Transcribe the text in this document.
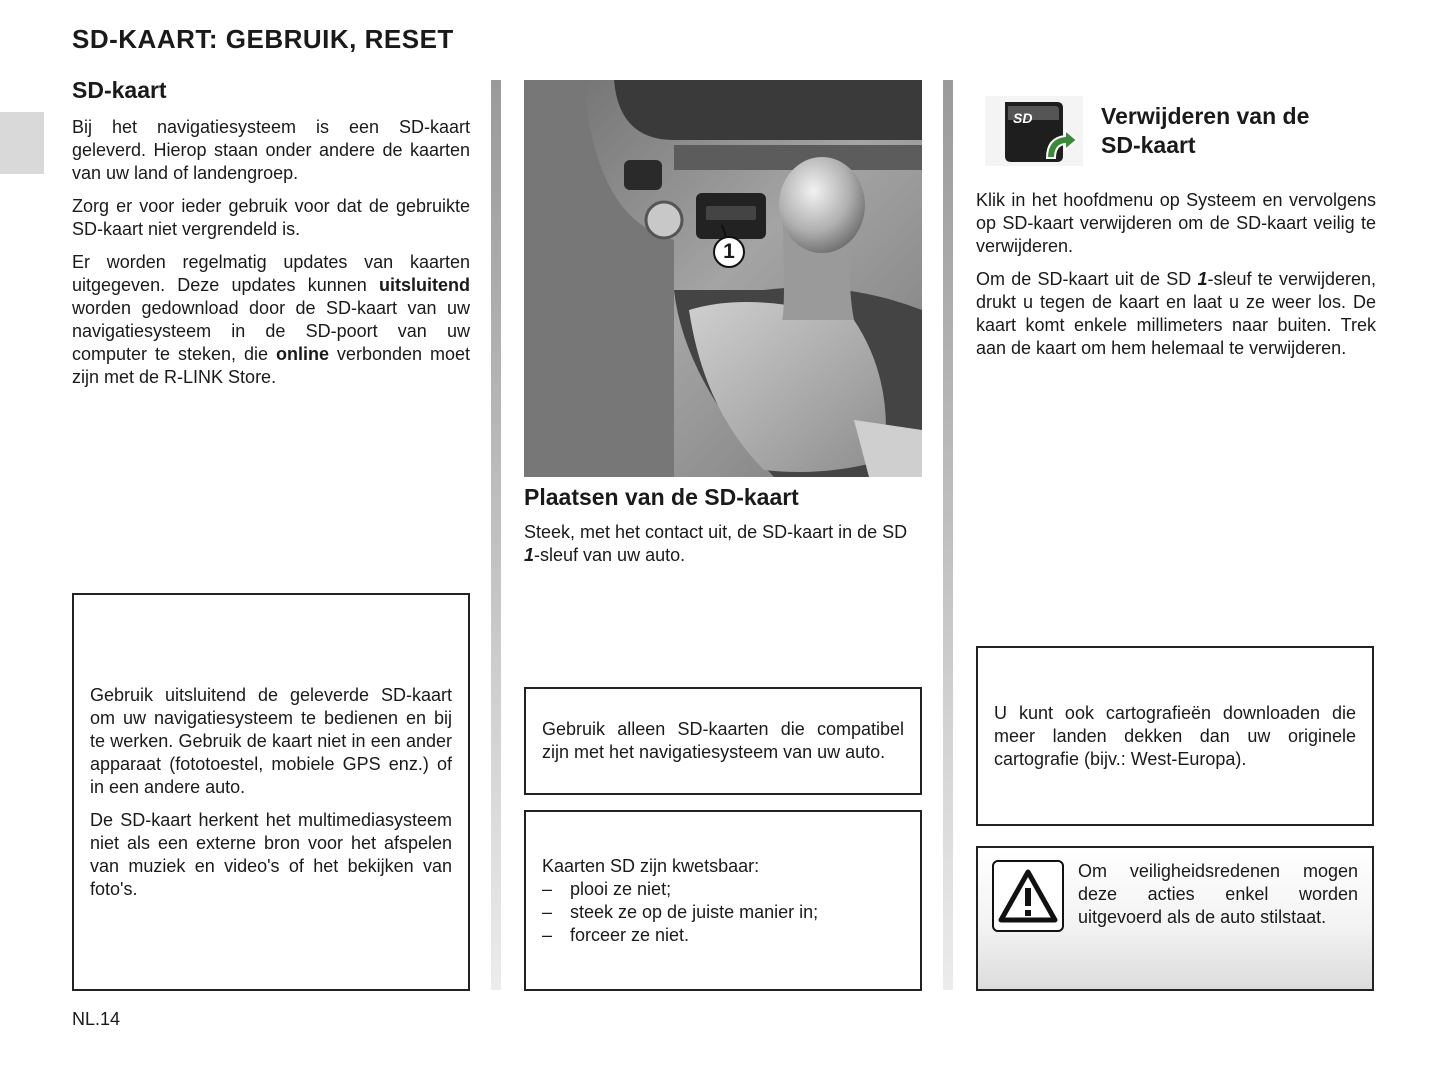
SD-KAART: GEBRUIK, RESET
SD-kaart

Bij het navigatiesysteem is een SD-kaart geleverd. Hierop staan onder andere de kaarten van uw land of landengroep.

Zorg er voor ieder gebruik voor dat de gebruikte SD-kaart niet vergrendeld is.

Er worden regelmatig updates van kaarten uitgegeven. Deze updates kunnen uitsluitend worden gedownload door de SD-kaart van uw navigatiesysteem in de SD-poort van uw computer te steken, die online verbonden moet zijn met de R-LINK Store.

Gebruik uitsluitend de geleverde SD-kaart om uw navigatiesysteem te bedienen en bij te werken. Gebruik de kaart niet in een ander apparaat (fototoestel, mobiele GPS enz.) of in een andere auto.

De SD-kaart herkent het multimediasysteem niet als een externe bron voor het afspelen van muziek en video's of het bekijken van foto's.

1
Plaatsen van de SD-kaart

Steek, met het contact uit, de SD-kaart in de SD 1-sleuf van uw auto.

Gebruik alleen SD-kaarten die compatibel zijn met het navigatiesysteem van uw auto.

Kaarten SD zijn kwetsbaar:
– plooi ze niet;
– steek ze op de juiste manier in;
– forceer ze niet.
SD	Verwijderen van de
SD-kaart

Klik in het hoofdmenu op Systeem en vervolgens op SD-kaart verwijderen om de SD-kaart veilig te verwijderen.

Om de SD-kaart uit de SD 1-sleuf te verwijderen, drukt u tegen de kaart en laat u ze weer los. De kaart komt enkele millimeters naar buiten. Trek aan de kaart om hem helemaal te verwijderen.

U kunt ook cartografieën downloaden die meer landen dekken dan uw originele cartografie (bijv.: West-Europa).

Om veiligheidsredenen mogen deze acties enkel worden uitgevoerd als de auto stilstaat.

NL.14
